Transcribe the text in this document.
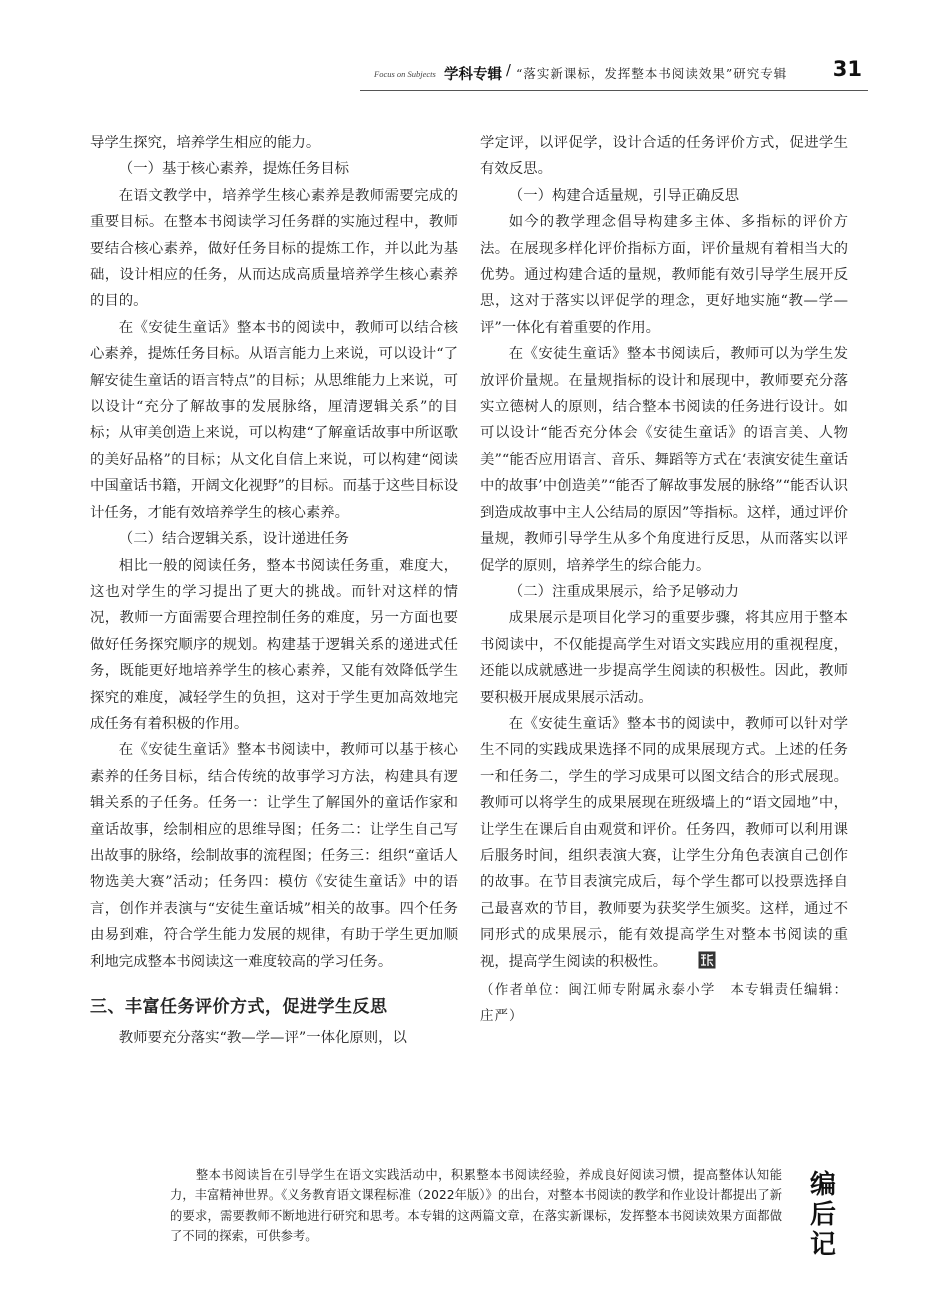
Focus on Subjects 学科专辑 / “落实新课标，发挥整本书阅读效果”研究专辑 31

导学生探究，培养学生相应的能力。

（一）基于核心素养，提炼任务目标

在语文教学中，培养学生核心素养是教师需要完成的重要目标。在整本书阅读学习任务群的实施过程中，教师要结合核心素养，做好任务目标的提炼工作，并以此为基础，设计相应的任务，从而达成高质量培养学生核心素养的目的。

在《安徒生童话》整本书的阅读中，教师可以结合核心素养，提炼任务目标。从语言能力上来说，可以设计“了解安徒生童话的语言特点”的目标；从思维能力上来说，可以设计“充分了解故事的发展脉络，厘清逻辑关系”的目标；从审美创造上来说，可以构建“了解童话故事中所讴歌的美好品格”的目标；从文化自信上来说，可以构建“阅读中国童话书籍，开阔文化视野”的目标。而基于这些目标设计任务，才能有效培养学生的核心素养。

（二）结合逻辑关系，设计递进任务

相比一般的阅读任务，整本书阅读任务重，难度大，这也对学生的学习提出了更大的挑战。而针对这样的情况，教师一方面需要合理控制任务的难度，另一方面也要做好任务探究顺序的规划。构建基于逻辑关系的递进式任务，既能更好地培养学生的核心素养，又能有效降低学生探究的难度，减轻学生的负担，这对于学生更加高效地完成任务有着积极的作用。

在《安徒生童话》整本书阅读中，教师可以基于核心素养的任务目标，结合传统的故事学习方法，构建具有逻辑关系的子任务。任务一：让学生了解国外的童话作家和童话故事，绘制相应的思维导图；任务二：让学生自己写出故事的脉络，绘制故事的流程图；任务三：组织“童话人物选美大赛”活动；任务四：模仿《安徒生童话》中的语言，创作并表演与“安徒生童话城”相关的故事。四个任务由易到难，符合学生能力发展的规律，有助于学生更加顺利地完成整本书阅读这一难度较高的学习任务。

三、丰富任务评价方式，促进学生反思

教师要充分落实“教—学—评”一体化原则，以

学定评，以评促学，设计合适的任务评价方式，促进学生有效反思。

（一）构建合适量规，引导正确反思

如今的教学理念倡导构建多主体、多指标的评价方法。在展现多样化评价指标方面，评价量规有着相当大的优势。通过构建合适的量规，教师能有效引导学生展开反思，这对于落实以评促学的理念，更好地实施“教—学—评”一体化有着重要的作用。

在《安徒生童话》整本书阅读后，教师可以为学生发放评价量规。在量规指标的设计和展现中，教师要充分落实立德树人的原则，结合整本书阅读的任务进行设计。如可以设计“能否充分体会《安徒生童话》的语言美、人物美”“能否应用语言、音乐、舞蹈等方式在‘表演安徒生童话中的故事’中创造美”“能否了解故事发展的脉络”“能否认识到造成故事中主人公结局的原因”等指标。这样，通过评价量规，教师引导学生从多个角度进行反思，从而落实以评促学的原则，培养学生的综合能力。

（二）注重成果展示，给予足够动力

成果展示是项目化学习的重要步骤，将其应用于整本书阅读中，不仅能提高学生对语文实践应用的重视程度，还能以成就感进一步提高学生阅读的积极性。因此，教师要积极开展成果展示活动。

在《安徒生童话》整本书的阅读中，教师可以针对学生不同的实践成果选择不同的成果展现方式。上述的任务一和任务二，学生的学习成果可以图文结合的形式展现。教师可以将学生的成果展现在班级墙上的“语文园地”中，让学生在课后自由观赏和评价。任务四，教师可以利用课后服务时间，组织表演大赛，让学生分角色表演自己创作的故事。在节目表演完成后，每个学生都可以投票选择自己最喜欢的节目，教师要为获奖学生颁奖。这样，通过不同形式的成果展示，能有效提高学生对整本书阅读的重视，提高学生阅读的积极性。

（作者单位：闽江师专附属永泰小学　本专辑责任编辑：庄严）

整本书阅读旨在引导学生在语文实践活动中，积累整本书阅读经验，养成良好阅读习惯，提高整体认知能力，丰富精神世界。《义务教育语文课程标准（2022年版）》的出台，对整本书阅读的教学和作业设计都提出了新的要求，需要教师不断地进行研究和思考。本专辑的这两篇文章，在落实新课标，发挥整本书阅读效果方面都做了不同的探索，可供参考。

编
后
记
